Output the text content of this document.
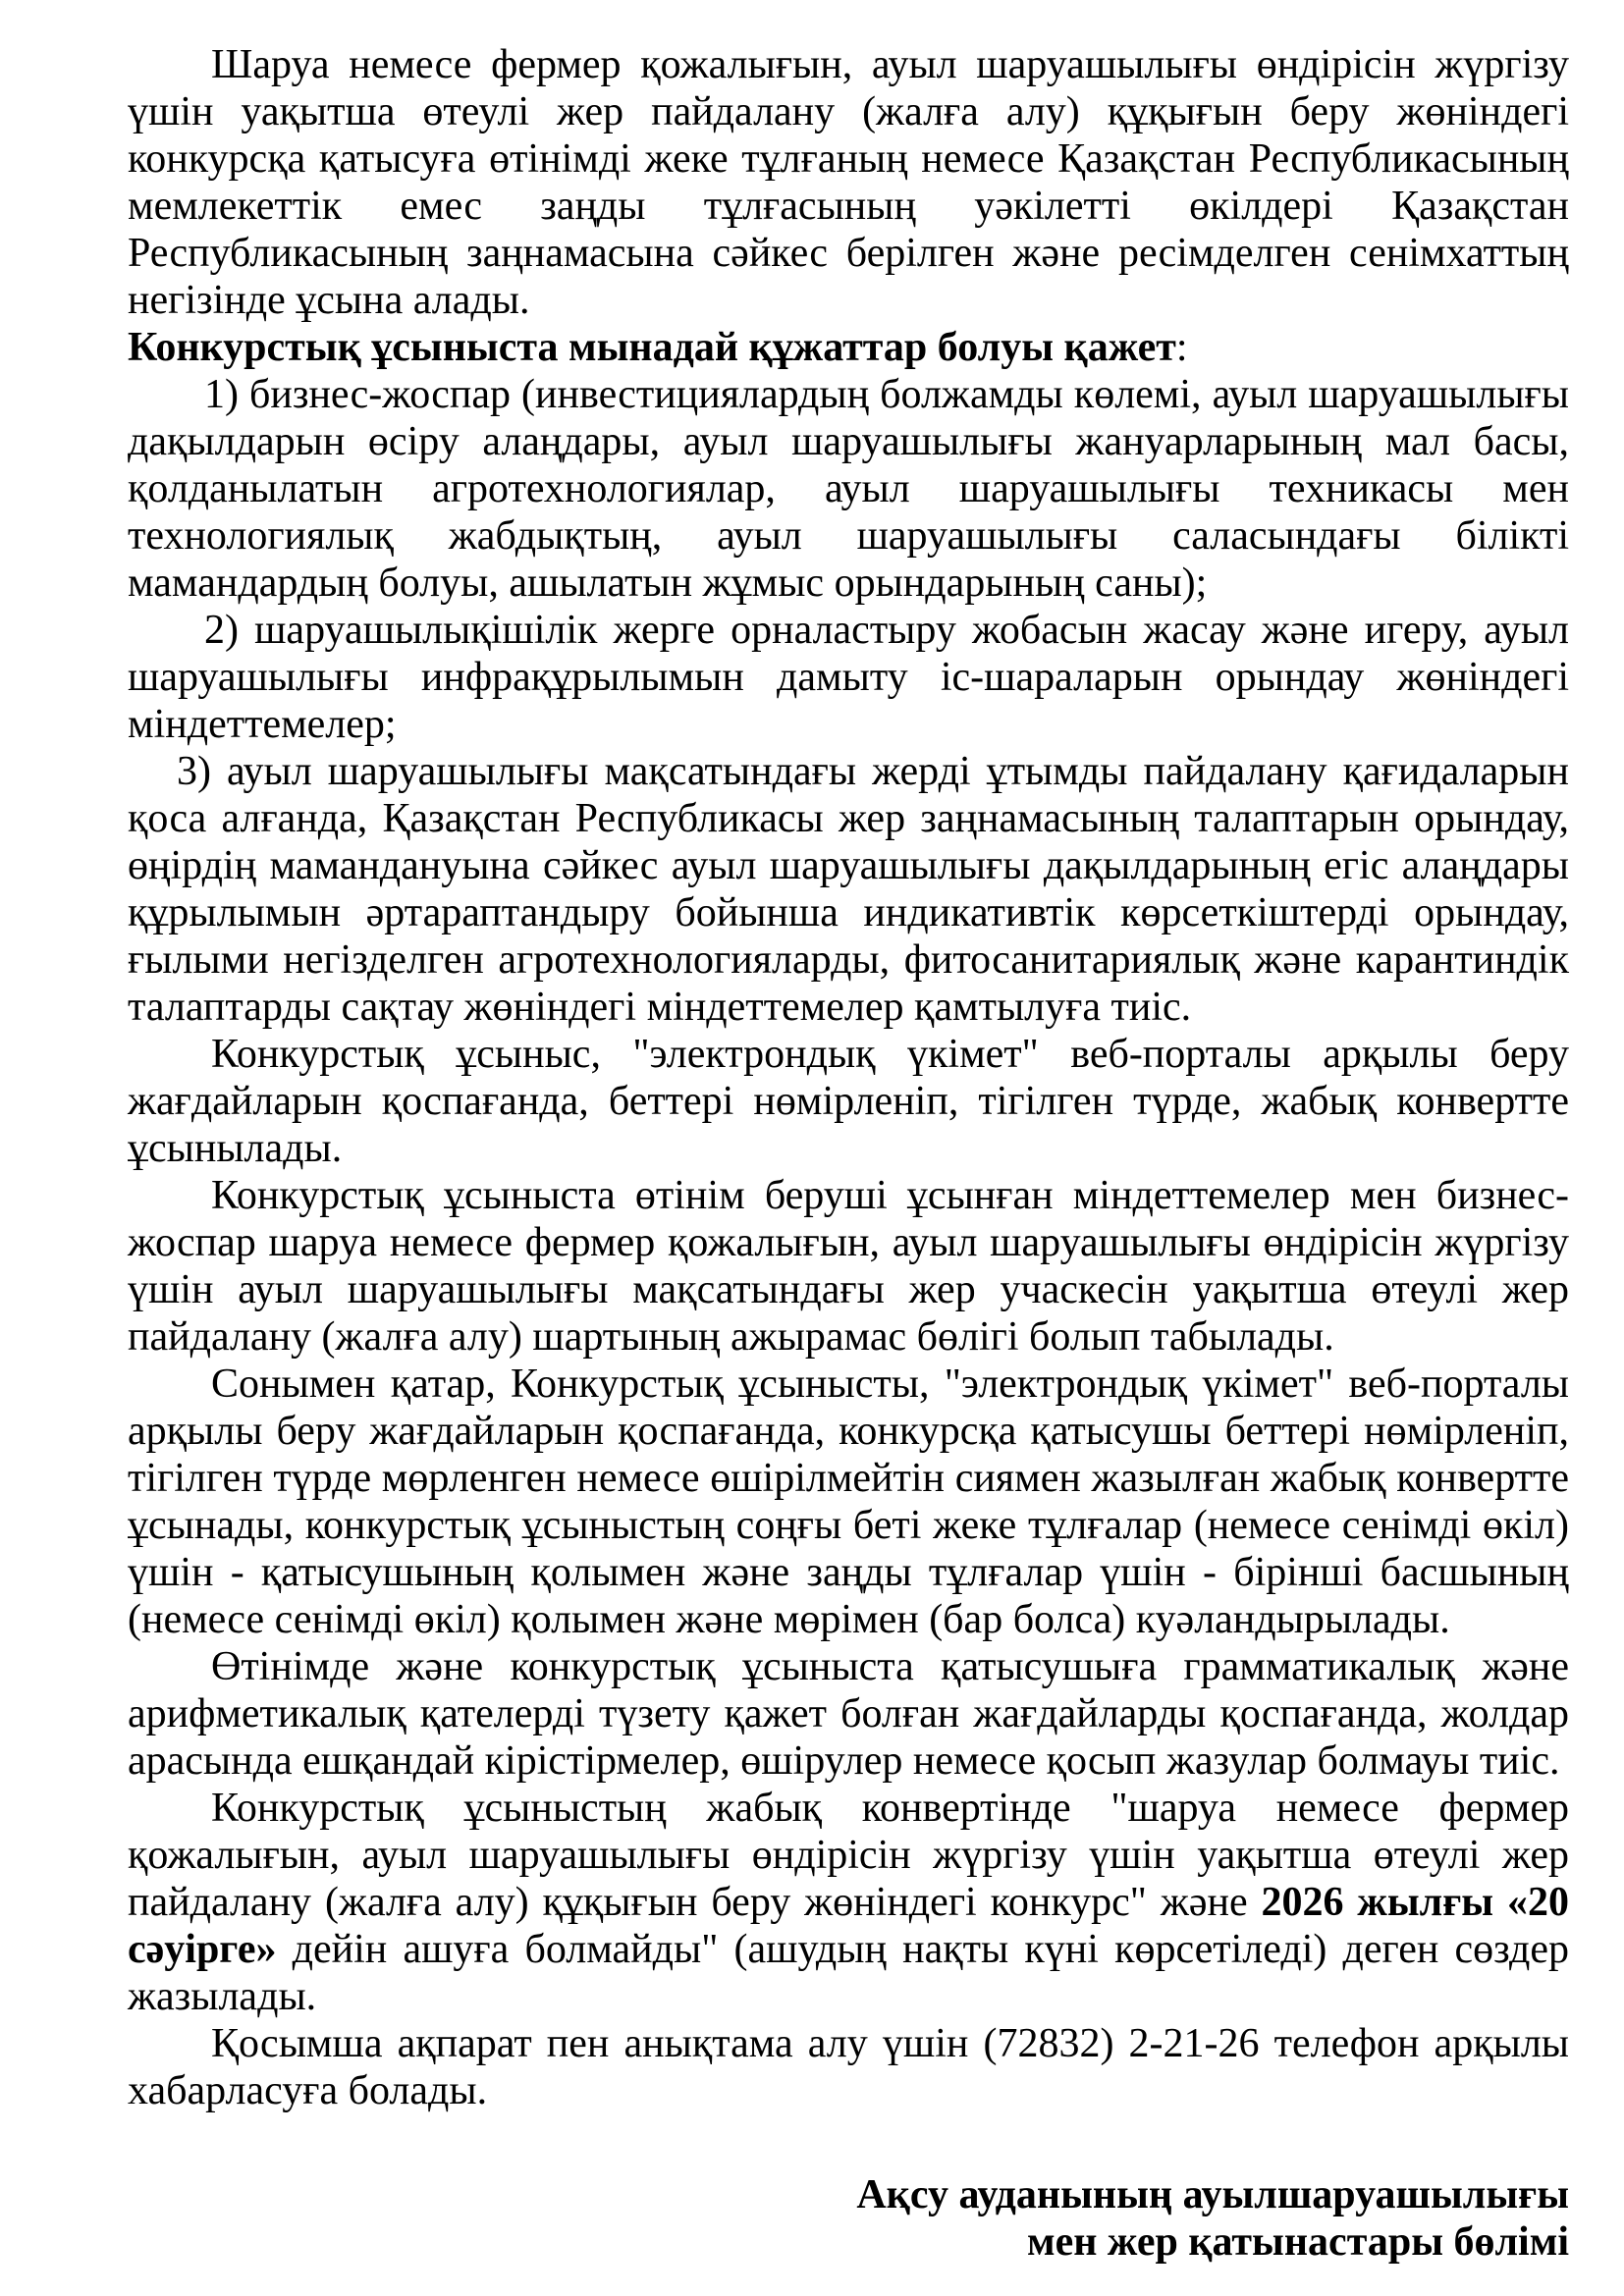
Шаруа немесе фермер қожалығын, ауыл шаруашылығы өндірісін жүргізу үшін уақытша өтеулі жер пайдалану (жалға алу) құқығын беру жөніндегі конкурсқа қатысуға өтінімді жеке тұлғаның немесе Қазақстан Республикасының мемлекеттік емес заңды тұлғасының уәкілетті өкілдері Қазақстан Республикасының заңнамасына сәйкес берілген және ресімделген сенімхаттың негізінде ұсына алады.

Конкурстық ұсыныста мынадай құжаттар болуы қажет:

1) бизнес-жоспар (инвестициялардың болжамды көлемі, ауыл шаруашылығы дақылдарын өсіру алаңдары, ауыл шаруашылығы жануарларының мал басы, қолданылатын агротехнологиялар, ауыл шаруашылығы техникасы мен технологиялық жабдықтың, ауыл шаруашылығы саласындағы білікті мамандардың болуы, ашылатын жұмыс орындарының саны);

2) шаруашылықішілік жерге орналастыру жобасын жасау және игеру, ауыл шаруашылығы инфрақұрылымын дамыту іс-шараларын орындау жөніндегі міндеттемелер;

3) ауыл шаруашылығы мақсатындағы жерді ұтымды пайдалану қағидаларын қоса алғанда, Қазақстан Республикасы жер заңнамасының талаптарын орындау, өңірдің мамандануына сәйкес ауыл шаруашылығы дақылдарының егіс алаңдары құрылымын әртараптандыру бойынша индикативтік көрсеткіштерді орындау, ғылыми негізделген агротехнологияларды, фитосанитариялық және карантиндік талаптарды сақтау жөніндегі міндеттемелер қамтылуға тиіс.

Конкурстық ұсыныс, "электрондық үкімет" веб-порталы арқылы беру жағдайларын қоспағанда, беттері нөмірленіп, тігілген түрде, жабық конвертте ұсынылады.

Конкурстық ұсыныста өтінім беруші ұсынған міндеттемелер мен бизнес-жоспар шаруа немесе фермер қожалығын, ауыл шаруашылығы өндірісін жүргізу үшін ауыл шаруашылығы мақсатындағы жер учаскесін уақытша өтеулі жер пайдалану (жалға алу) шартының ажырамас бөлігі болып табылады.

Сонымен қатар, Конкурстық ұсынысты, "электрондық үкімет" веб-порталы арқылы беру жағдайларын қоспағанда, конкурсқа қатысушы беттері нөмірленіп, тігілген түрде мөрленген немесе өшірілмейтін сиямен жазылған жабық конвертте ұсынады, конкурстық ұсыныстың соңғы беті жеке тұлғалар (немесе сенімді өкіл) үшін - қатысушының қолымен және заңды тұлғалар үшін - бірінші басшының (немесе сенімді өкіл) қолымен және мөрімен (бар болса) куәландырылады.

Өтінімде және конкурстық ұсыныста қатысушыға грамматикалық және арифметикалық қателерді түзету қажет болған жағдайларды қоспағанда, жолдар арасында ешқандай кірістірмелер, өшірулер немесе қосып жазулар болмауы тиіс.

Конкурстық ұсыныстың жабық конвертінде "шаруа немесе фермер қожалығын, ауыл шаруашылығы өндірісін жүргізу үшін уақытша өтеулі жер пайдалану (жалға алу) құқығын беру жөніндегі конкурс" және 2026 жылғы «20 сәуірге» дейін ашуға болмайды" (ашудың нақты күні көрсетіледі) деген сөздер жазылады.

Қосымша ақпарат пен анықтама алу үшін (72832) 2-21-26 телефон арқылы хабарласуға болады.

Ақсу ауданының ауылшаруашылығы

мен жер қатынастары бөлімі
